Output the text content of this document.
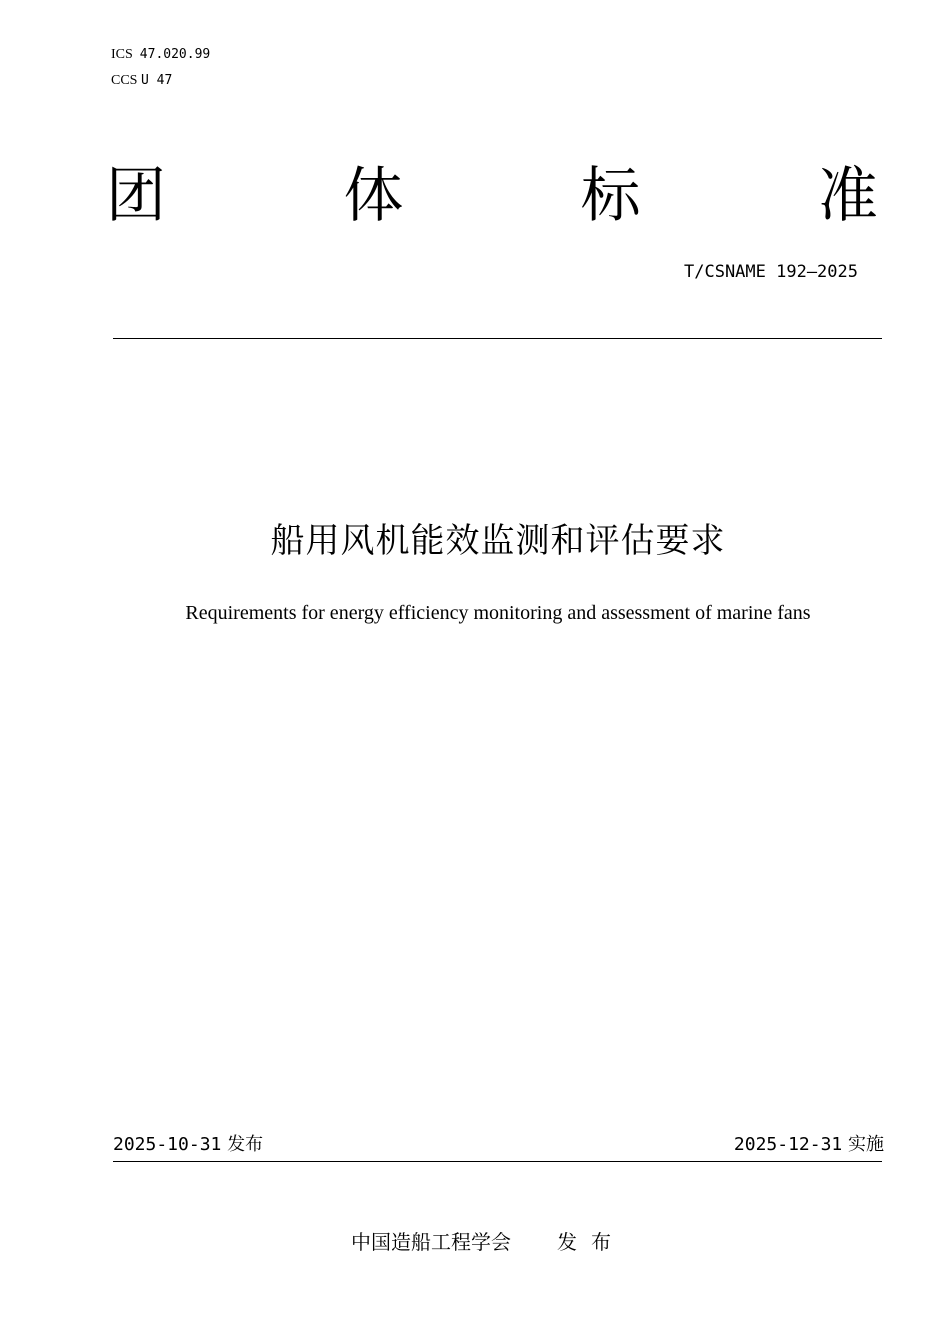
ICS 47.020.99
CCS U 47
团	体	标	准
T/CSNAME 192—2025
船用风机能效监测和评估要求
Requirements for energy efficiency monitoring and assessment of marine fans
2025-10-31 发布	2025-12-31 实施
中国造船工程学会 发布
